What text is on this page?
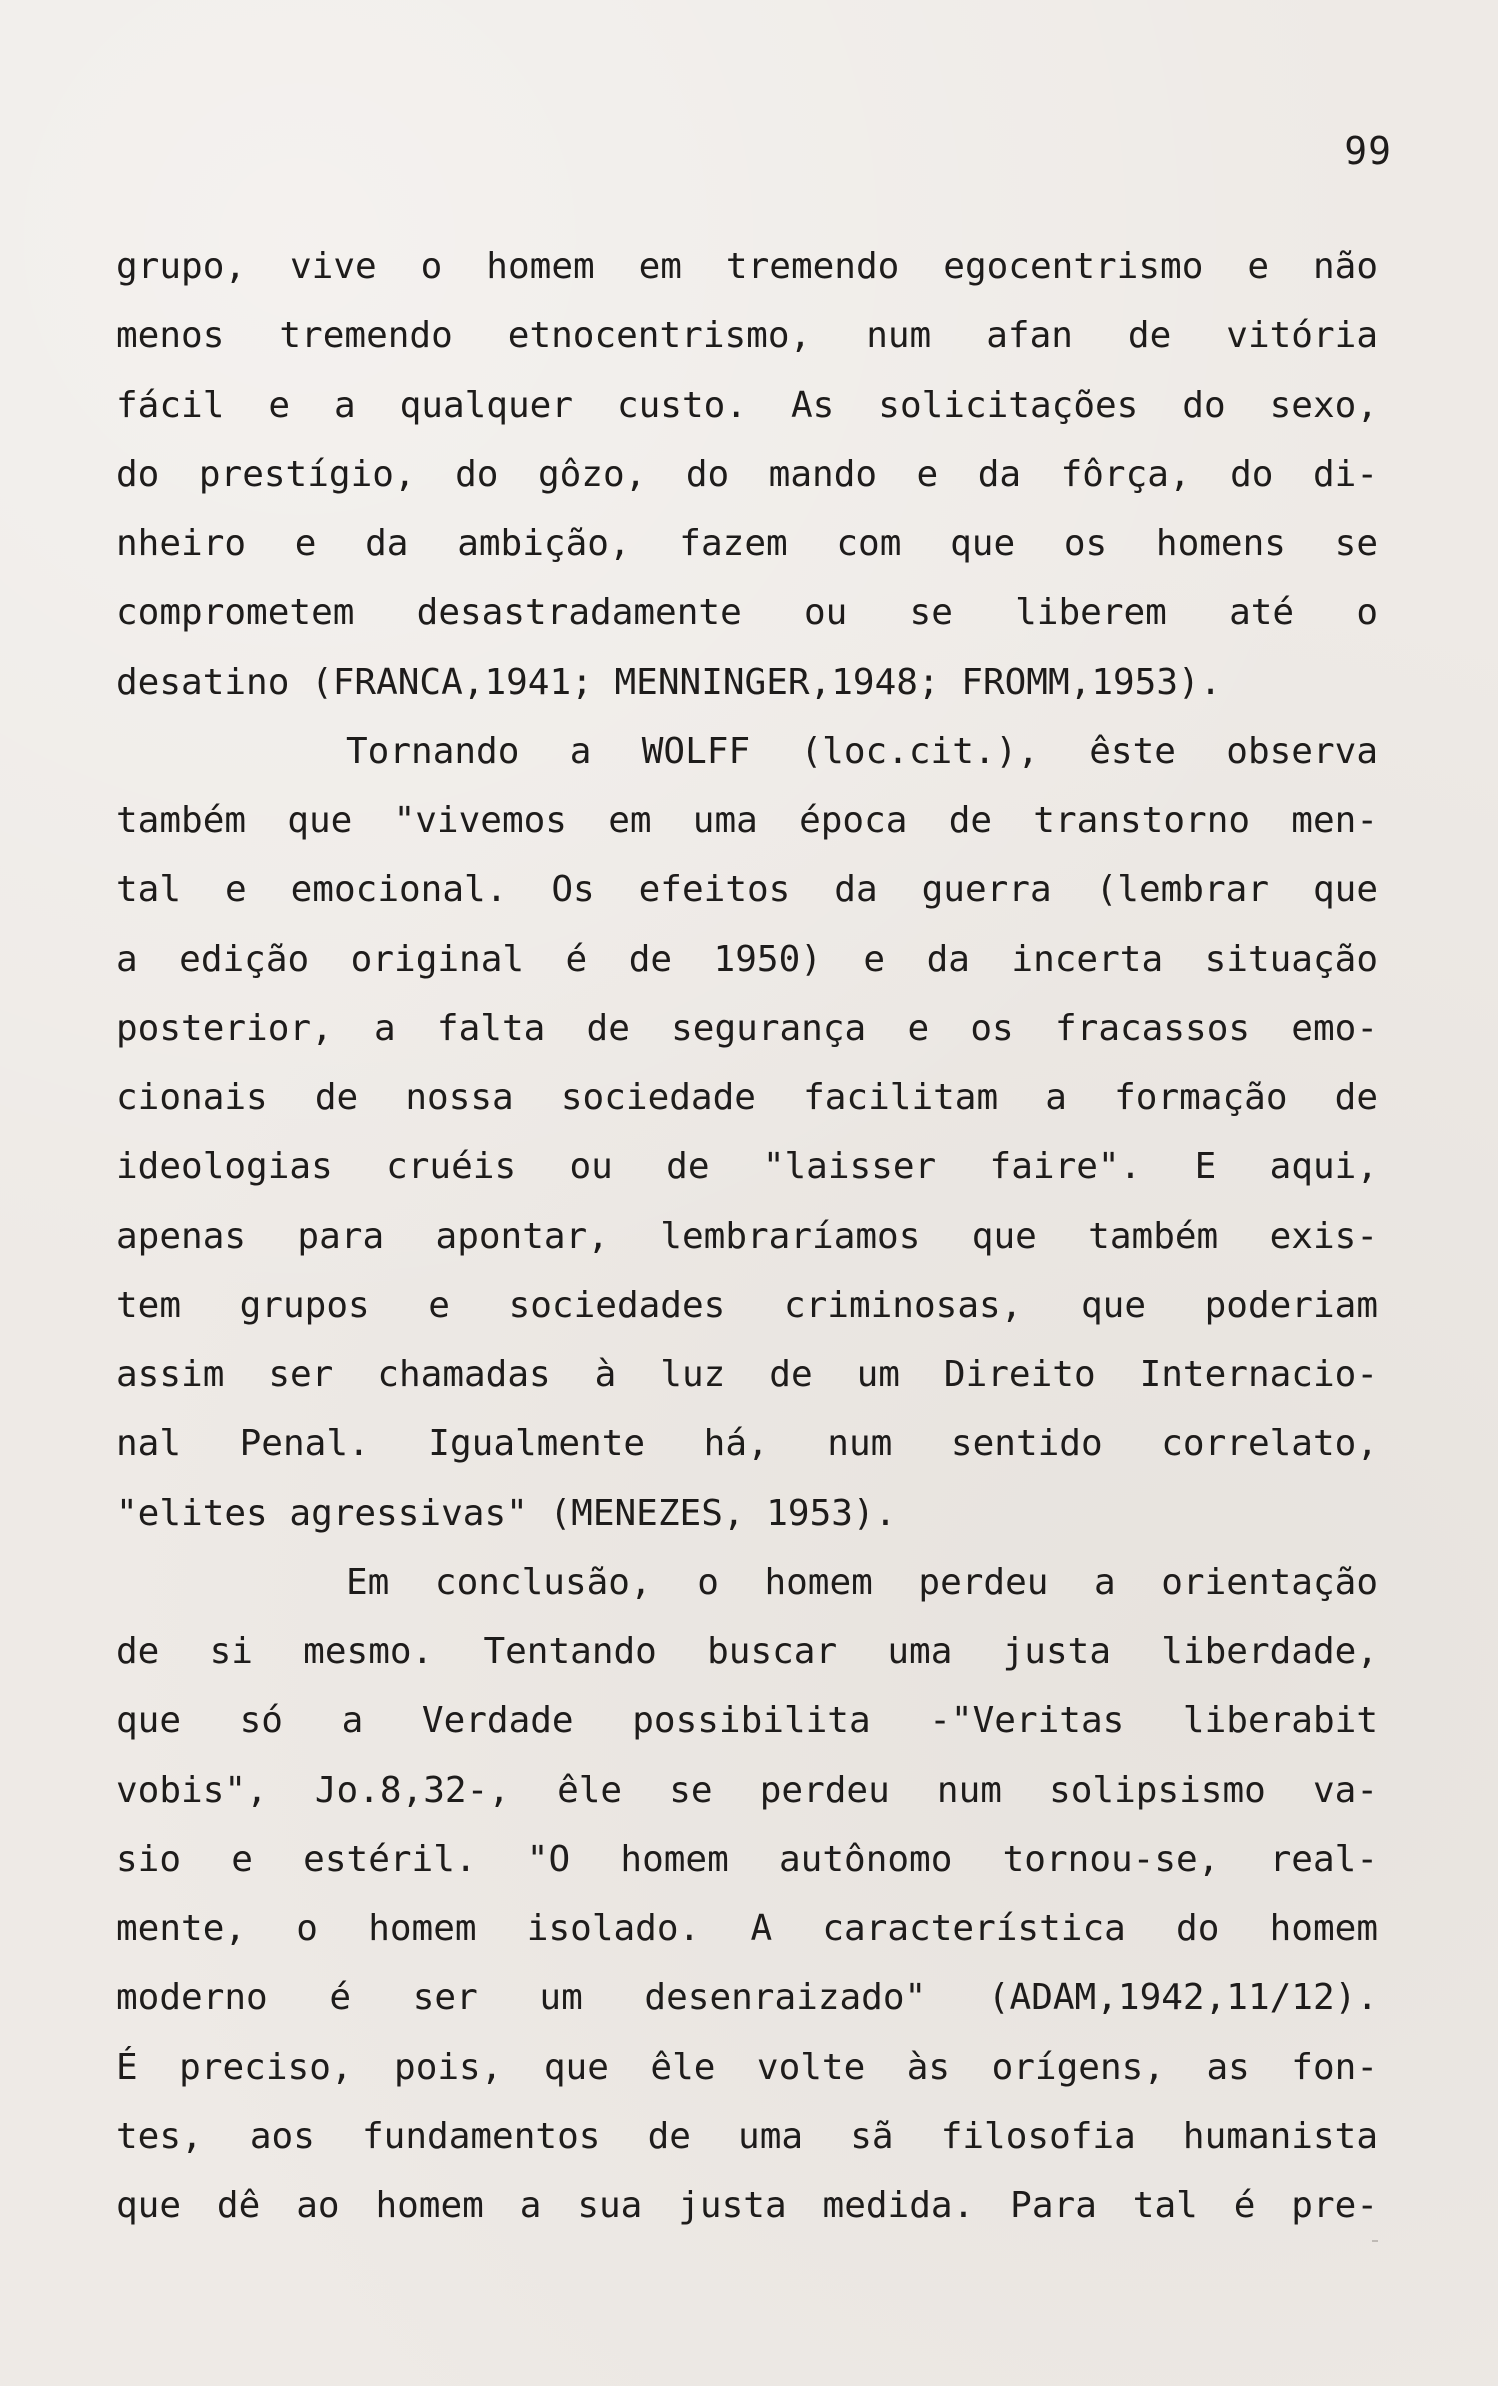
99
grupo, vive o homem em tremendo egocentrismo e não
menos tremendo etnocentrismo, num afan de vitória
fácil e a qualquer custo. As solicitações do sexo,
do prestígio, do gôzo, do mando e da fôrça, do di-
nheiro e da ambição, fazem com que os homens se
comprometem desastradamente ou se liberem até o
desatino (FRANCA,1941; MENNINGER,1948; FROMM,1953).
Tornando a WOLFF (loc.cit.), êste observa
também que "vivemos em uma época de transtorno men-
tal e emocional. Os efeitos da guerra (lembrar que
a edição original é de 1950) e da incerta situação
posterior, a falta de segurança e os fracassos emo-
cionais de nossa sociedade facilitam a formação de
ideologias cruéis ou de "laisser faire". E aqui,
apenas para apontar, lembraríamos que também exis-
tem grupos e sociedades criminosas, que poderiam
assim ser chamadas à luz de um Direito Internacio-
nal Penal. Igualmente há, num sentido correlato,
"elites agressivas" (MENEZES, 1953).
Em conclusão, o homem perdeu a orientação
de si mesmo. Tentando buscar uma justa liberdade,
que só a Verdade possibilita -"Veritas liberabit
vobis", Jo.8,32-, êle se perdeu num solipsismo va-
sio e estéril. "O homem autônomo tornou-se, real-
mente, o homem isolado. A característica do homem
moderno é ser um desenraizado" (ADAM,1942,11/12).
É preciso, pois, que êle volte às orígens, as fon-
tes, aos fundamentos de uma sã filosofia humanista
que dê ao homem a sua justa medida. Para tal é pre-
